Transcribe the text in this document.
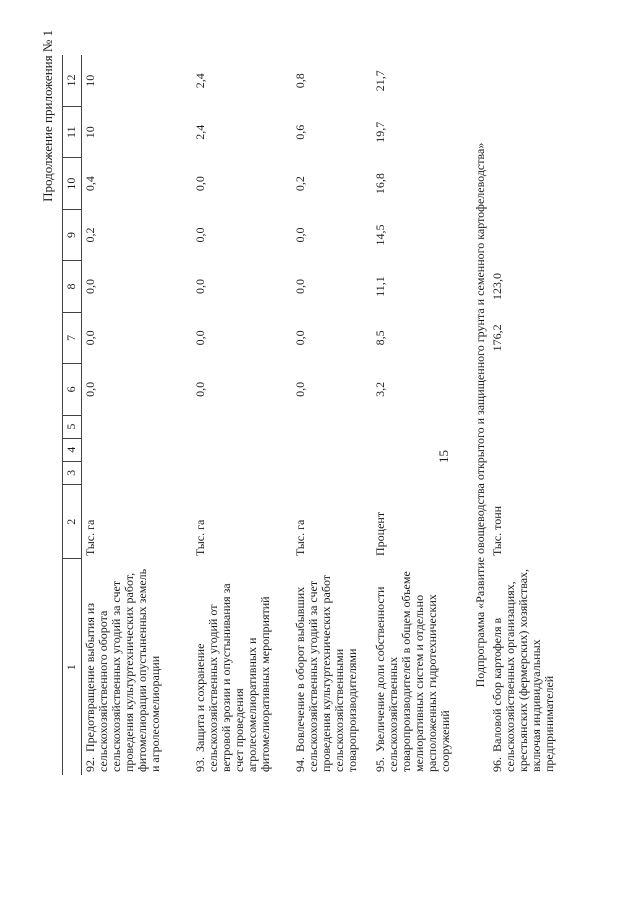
15
Продолжение приложения № 1
1	2	3	4	5	6	7	8	9	10	11	12
92.Предотвращение выбытия из сельскохозяйственного оборота сельскохозяйственных угодий за счет проведения культуртехнических работ, фитомелиорации опустыненных земель и агролесомелиорации	Тыс. га				0,0	0,0	0,0	0,2	0,4	10	10
93.Защита и сохранение сельскохозяйственных угодий от ветровой эрозии и опустынивания за счет проведения агролесомелиоративных и фитомелиоративных мероприятий	Тыс. га				0,0	0,0	0,0	0,0	0,0	2,4	2,4
94.Вовлечение в оборот выбывших сельскохозяйственных угодий за счет проведения культуртехнических работ сельскохозяйственными товаропроизводителями	Тыс. га				0,0	0,0	0,0	0,0	0,2	0,6	0,8
95.Увеличение доли собственности сельскохозяйственных товаропроизводителей в общем объеме мелиоративных систем и отдельно расположенных гидротехнических сооружений	Процент				3,2	8,5	11,1	14,5	16,8	19,7	21,7
Подпрограмма «Развитие овощеводства открытого и защищенного грунта и семенного картофелеводства»											
96.Валовой сбор картофеля в сельскохозяйственных организациях, крестьянских (фермерских) хозяйствах, включая индивидуальных предпринимателей	Тыс. тонн					176,2	123,0				
